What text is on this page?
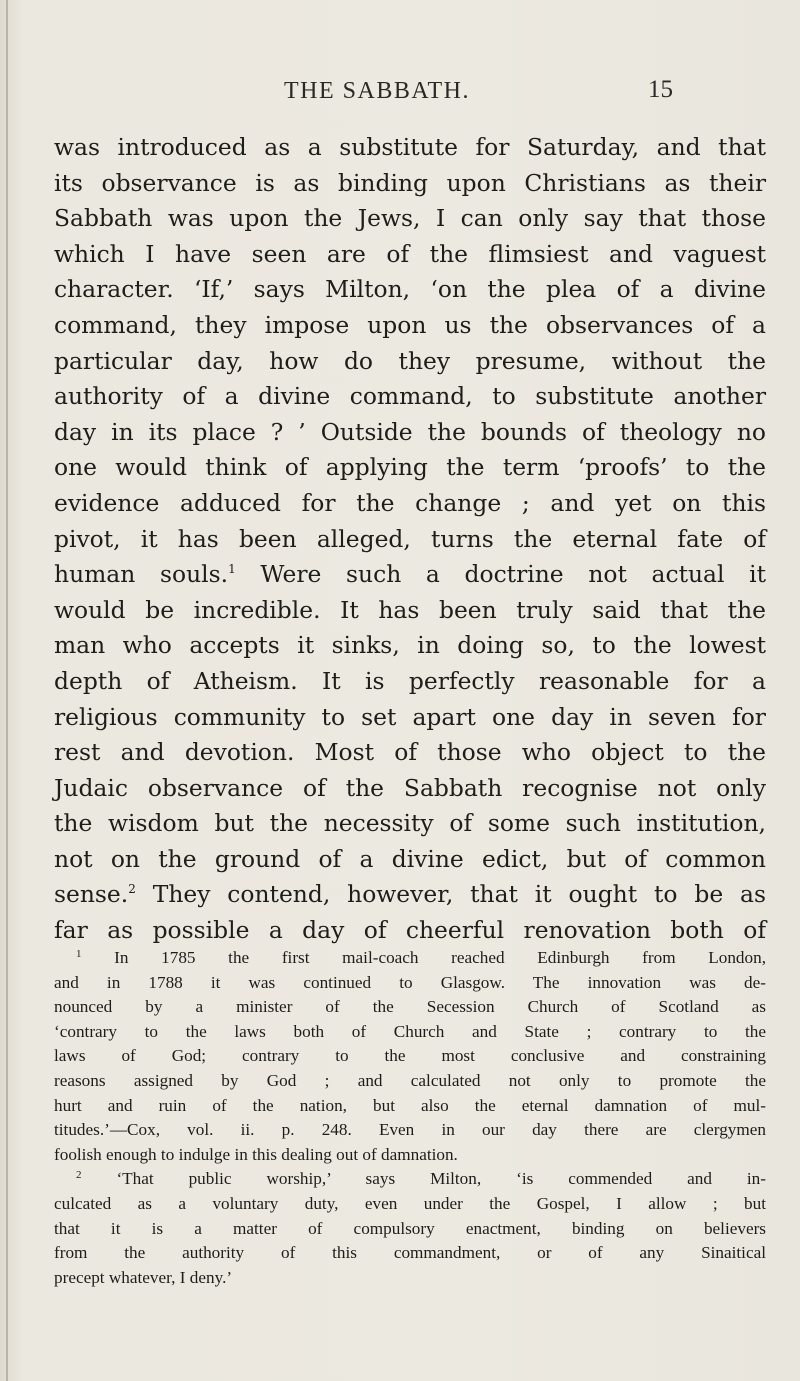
THE SABBATH.	15
was introduced as a substitute for Saturday, and that
its observance is as binding upon Christians as their
Sabbath was upon the Jews, I can only say that those
which I have seen are of the flimsiest and vaguest
character. ‘If,’ says Milton, ‘on the plea of a divine
command, they impose upon us the observances of a
particular day, how do they presume, without the
authority of a divine command, to substitute another
day in its place ? ’ Outside the bounds of theology no
one would think of applying the term ‘proofs’ to the
evidence adduced for the change ; and yet on this
pivot, it has been alleged, turns the eternal fate of
human souls.$^1$ Were such a doctrine not actual it
would be incredible. It has been truly said that the
man who accepts it sinks, in doing so, to the lowest
depth of Atheism. It is perfectly reasonable for a
religious community to set apart one day in seven for
rest and devotion. Most of those who object to the
Judaic observance of the Sabbath recognise not only
the wisdom but the necessity of some such institution,
not on the ground of a divine edict, but of common
sense.$^2$ They contend, however, that it ought to be as
far as possible a day of cheerful renovation both of
$^1$ In 1785 the first mail-coach reached Edinburgh from London,
and in 1788 it was continued to Glasgow. The innovation was de-
nounced by a minister of the Secession Church of Scotland as
‘contrary to the laws both of Church and State ; contrary to the
laws of God; contrary to the most conclusive and constraining
reasons assigned by God ; and calculated not only to promote the
hurt and ruin of the nation, but also the eternal damnation of mul-
titudes.’—Cox, vol. ii. p. 248. Even in our day there are clergymen
foolish enough to indulge in this dealing out of damnation.
$^2$ ‘That public worship,’ says Milton, ‘is commended and in-
culcated as a voluntary duty, even under the Gospel, I allow ; but
that it is a matter of compulsory enactment, binding on believers
from the authority of this commandment, or of any Sinaitical
precept whatever, I deny.’
